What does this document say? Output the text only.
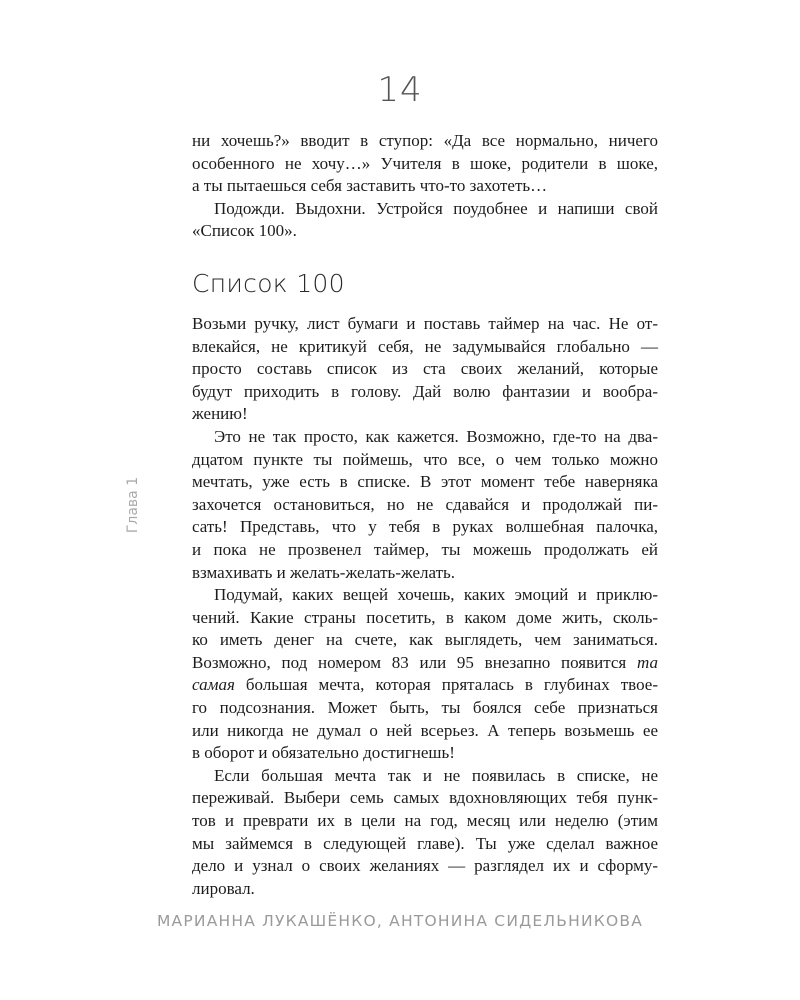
14
Глава 1
ни хочешь?» вводит в ступор: «Да все нормально, ничего
особенного не хочу…» Учителя в шоке, родители в шоке,
а ты пытаешься себя заставить что-то захотеть…
Подожди. Выдохни. Устройся поудобнее и напиши свой
«Список 100».
Список 100
Возьми ручку, лист бумаги и поставь таймер на час. Не от-
влекайся, не критикуй себя, не задумывайся глобально —
просто составь список из ста своих желаний, которые
будут приходить в голову. Дай волю фантазии и вообра-
жению!
Это не так просто, как кажется. Возможно, где-то на два-
дцатом пункте ты поймешь, что все, о чем только можно
мечтать, уже есть в списке. В этот момент тебе наверняка
захочется остановиться, но не сдавайся и продолжай пи-
сать! Представь, что у тебя в руках волшебная палочка,
и пока не прозвенел таймер, ты можешь продолжать ей
взмахивать и желать-желать-желать.
Подумай, каких вещей хочешь, каких эмоций и приклю-
чений. Какие страны посетить, в каком доме жить, сколь-
ко иметь денег на счете, как выглядеть, чем заниматься.
Возможно, под номером 83 или 95 внезапно появится та
самая большая мечта, которая пряталась в глубинах твое-
го подсознания. Может быть, ты боялся себе признаться
или никогда не думал о ней всерьез. А теперь возьмешь ее
в оборот и обязательно достигнешь!
Если большая мечта так и не появилась в списке, не
переживай. Выбери семь самых вдохновляющих тебя пунк-
тов и преврати их в цели на год, месяц или неделю (этим
мы займемся в следующей главе). Ты уже сделал важное
дело и узнал о своих желаниях — разглядел их и сформу-
лировал.
МАРИАННА ЛУКАШЁНКО, АНТОНИНА СИДЕЛЬНИКОВА
